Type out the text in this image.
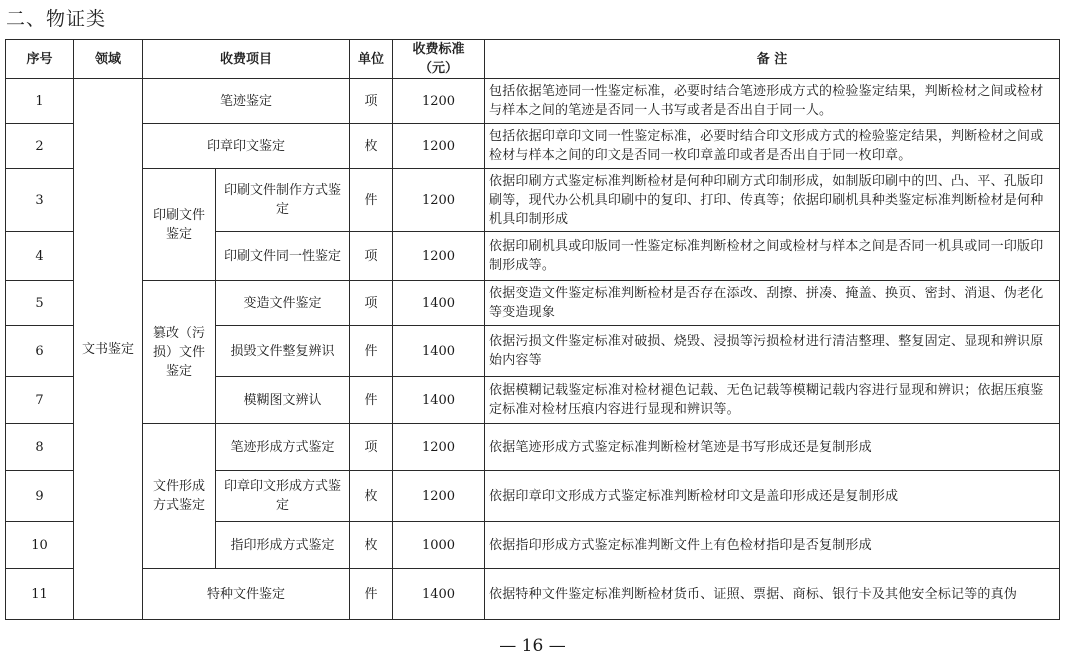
二、物证类
序号	领域	收费项目		单位	收费标准（元）	备 注
1	文书鉴定	笔迹鉴定		项	1200	包括依据笔迹同一性鉴定标准，必要时结合笔迹形成方式的检验鉴定结果，判断检材之间或检材与样本之间的笔迹是否同一人书写或者是否出自于同一人。
2		印章印文鉴定		枚	1200	包括依据印章印文同一性鉴定标准，必要时结合印文形成方式的检验鉴定结果，判断检材之间或检材与样本之间的印文是否同一枚印章盖印或者是否出自于同一枚印章。
3		印刷文件鉴定	印刷文件制作方式鉴定	件	1200	依据印刷方式鉴定标准判断检材是何种印刷方式印制形成，如制版印刷中的凹、凸、平、孔版印刷等，现代办公机具印刷中的复印、打印、传真等；依据印刷机具种类鉴定标准判断检材是何种机具印制形成
4			印刷文件同一性鉴定	项	1200	依据印刷机具或印版同一性鉴定标准判断检材之间或检材与样本之间是否同一机具或同一印版印制形成等。
5		篡改（污损）文件鉴定	变造文件鉴定	项	1400	依据变造文件鉴定标准判断检材是否存在添改、刮擦、拼凑、掩盖、换页、密封、消退、伪老化等变造现象
6			损毁文件整复辨识	件	1400	依据污损文件鉴定标准对破损、烧毁、浸损等污损检材进行清洁整理、整复固定、显现和辨识原始内容等
7			模糊图文辨认	件	1400	依据模糊记载鉴定标准对检材褪色记载、无色记载等模糊记载内容进行显现和辨识；依据压痕鉴定标准对检材压痕内容进行显现和辨识等。
8		文件形成方式鉴定	笔迹形成方式鉴定	项	1200	依据笔迹形成方式鉴定标准判断检材笔迹是书写形成还是复制形成
9			印章印文形成方式鉴定	枚	1200	依据印章印文形成方式鉴定标准判断检材印文是盖印形成还是复制形成
10			指印形成方式鉴定	枚	1000	依据指印形成方式鉴定标准判断文件上有色检材指印是否复制形成
11		特种文件鉴定		件	1400	依据特种文件鉴定标准判断检材货币、证照、票据、商标、银行卡及其他安全标记等的真伪
— 16 —
